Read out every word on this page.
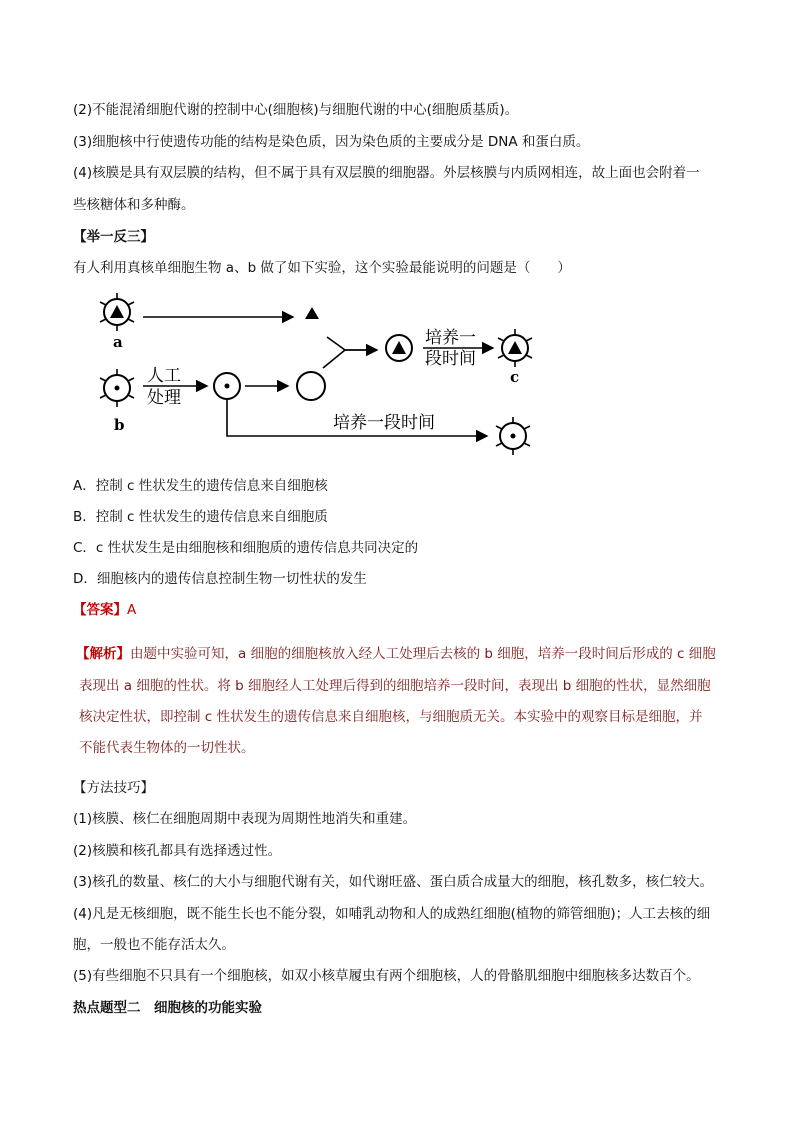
(2)不能混淆细胞代谢的控制中心(细胞核)与细胞代谢的中心(细胞质基质)。
(3)细胞核中行使遗传功能的结构是染色质，因为染色质的主要成分是 DNA 和蛋白质。
(4)核膜是具有双层膜的结构，但不属于具有双层膜的细胞器。外层核膜与内质网相连，故上面也会附着一
些核糖体和多种酶。
【举一反三】
有人利用真核单细胞生物 a、b 做了如下实验，这个实验最能说明的问题是（　　）
a	培养一
段时间
c
b
人工
处理
培养一段时间
A．控制 c 性状发生的遗传信息来自细胞核
B．控制 c 性状发生的遗传信息来自细胞质
C．c 性状发生是由细胞核和细胞质的遗传信息共同决定的
D．细胞核内的遗传信息控制生物一切性状的发生
【答案】A
【解析】由题中实验可知，a 细胞的细胞核放入经人工处理后去核的 b 细胞，培养一段时间后形成的 c 细胞
表现出 a 细胞的性状。将 b 细胞经人工处理后得到的细胞培养一段时间，表现出 b 细胞的性状，显然细胞
核决定性状，即控制 c 性状发生的遗传信息来自细胞核，与细胞质无关。本实验中的观察目标是细胞，并
不能代表生物体的一切性状。
【方法技巧】
(1)核膜、核仁在细胞周期中表现为周期性地消失和重建。
(2)核膜和核孔都具有选择透过性。
(3)核孔的数量、核仁的大小与细胞代谢有关，如代谢旺盛、蛋白质合成量大的细胞，核孔数多，核仁较大。
(4)凡是无核细胞，既不能生长也不能分裂，如哺乳动物和人的成熟红细胞(植物的筛管细胞)；人工去核的细
胞，一般也不能存活太久。
(5)有些细胞不只具有一个细胞核，如双小核草履虫有两个细胞核，人的骨骼肌细胞中细胞核多达数百个。
热点题型二　细胞核的功能实验
